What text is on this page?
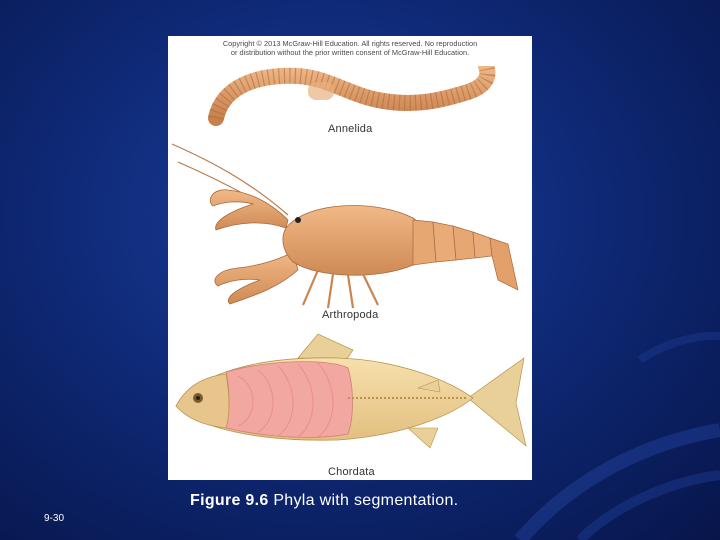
Copyright © 2013 McGraw-Hill Education. All rights reserved. No reproduction
or distribution without the prior written consent of McGraw-Hill Education.
Annelida
Arthropoda
Chordata
Figure 9.6 Phyla with segmentation.
9-30
